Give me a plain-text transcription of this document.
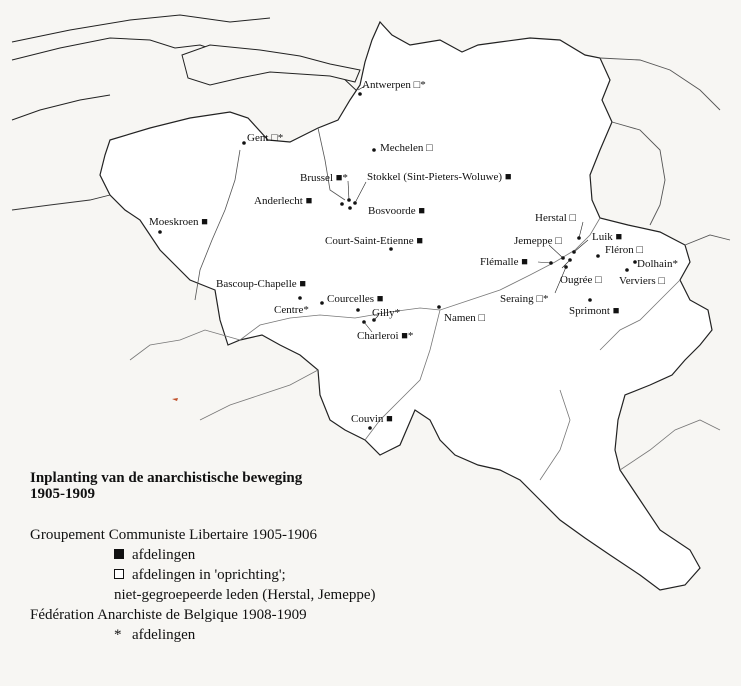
Antwerpen □*
Gent □*
Mechelen □
Brussel ■* Stokkel (Sint-Pieters-Woluwe) ■
Anderlecht ■
Bosvoorde ■
Moeskroen ■
Court-Saint-Etienne ■
Herstal □
Jemeppe □	Luik ■
Fléron □
Flémalle ■	Dolhain*
Ougrée □ Verviers □
Bascoup-Chapelle ■
Courcelles ■
Centre*	Gilly*
Seraing □*
Namen □
Sprimont ■
Charleroi ■*
Couvin ■
Inplanting van de anarchistische beweging
1905-1909
Groupement Communiste Libertaire 1905-1906
afdelingen
afdelingen in 'oprichting';
niet-gegroepeerde leden (Herstal, Jemeppe)
Fédération Anarchiste de Belgique 1908-1909
* afdelingen
